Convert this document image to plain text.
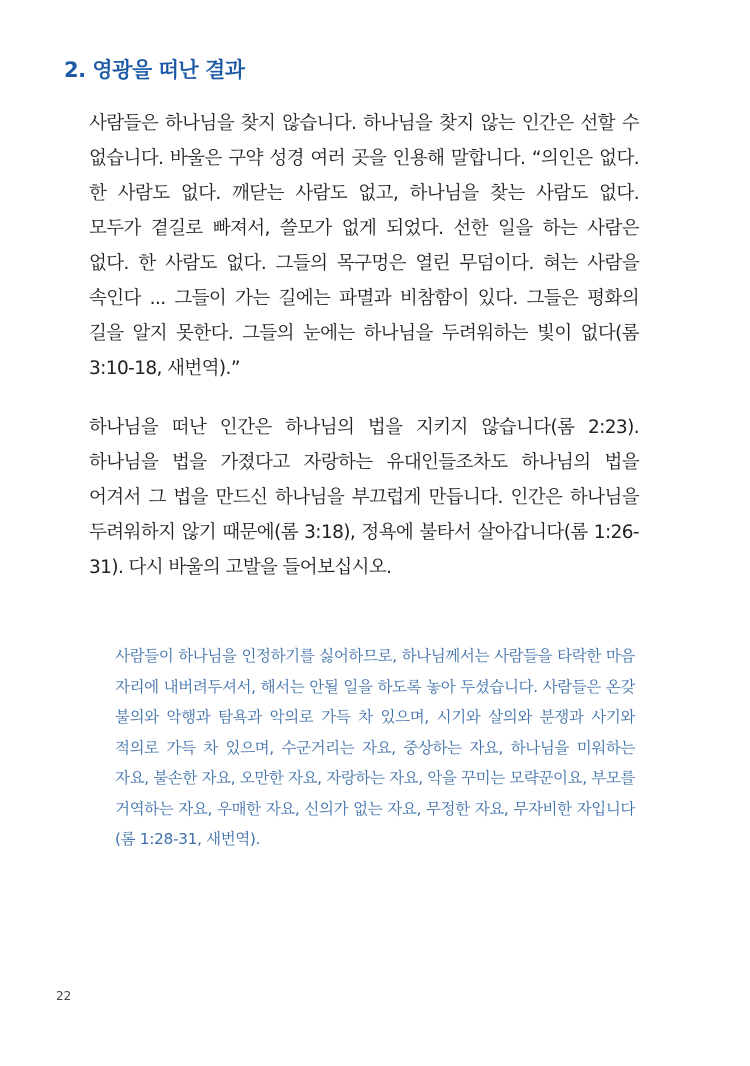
2. 영광을 떠난 결과

사람들은 하나님을 찾지 않습니다. 하나님을 찾지 않는 인간은 선할 수 없습니다. 바울은 구약 성경 여러 곳을 인용해 말합니다. “의인은 없다. 한 사람도 없다. 깨닫는 사람도 없고, 하나님을 찾는 사람도 없다. 모두가 곁길로 빠져서, 쓸모가 없게 되었다. 선한 일을 하는 사람은 없다. 한 사람도 없다. 그들의 목구멍은 열린 무덤이다. 혀는 사람을 속인다 ... 그들이 가는 길에는 파멸과 비참함이 있다. 그들은 평화의 길을 알지 못한다. 그들의 눈에는 하나님을 두려워하는 빛이 없다(롬 3:10-18, 새번역).”

하나님을 떠난 인간은 하나님의 법을 지키지 않습니다(롬 2:23). 하나님을 법을 가졌다고 자랑하는 유대인들조차도 하나님의 법을 어겨서 그 법을 만드신 하나님을 부끄럽게 만듭니다. 인간은 하나님을 두려워하지 않기 때문에(롬 3:18), 정욕에 불타서 살아갑니다(롬 1:26-31). 다시 바울의 고발을 들어보십시오.

사람들이 하나님을 인정하기를 싫어하므로, 하나님께서는 사람들을 타락한 마음 자리에 내버려두셔서, 해서는 안될 일을 하도록 놓아 두셨습니다. 사람들은 온갖 불의와 악행과 탐욕과 악의로 가득 차 있으며, 시기와 살의와 분쟁과 사기와 적의로 가득 차 있으며, 수군거리는 자요, 중상하는 자요, 하나님을 미워하는 자요, 불손한 자요, 오만한 자요, 자랑하는 자요, 악을 꾸미는 모략꾼이요, 부모를 거역하는 자요, 우매한 자요, 신의가 없는 자요, 무정한 자요, 무자비한 자입니다(롬 1:28-31, 새번역).

22
